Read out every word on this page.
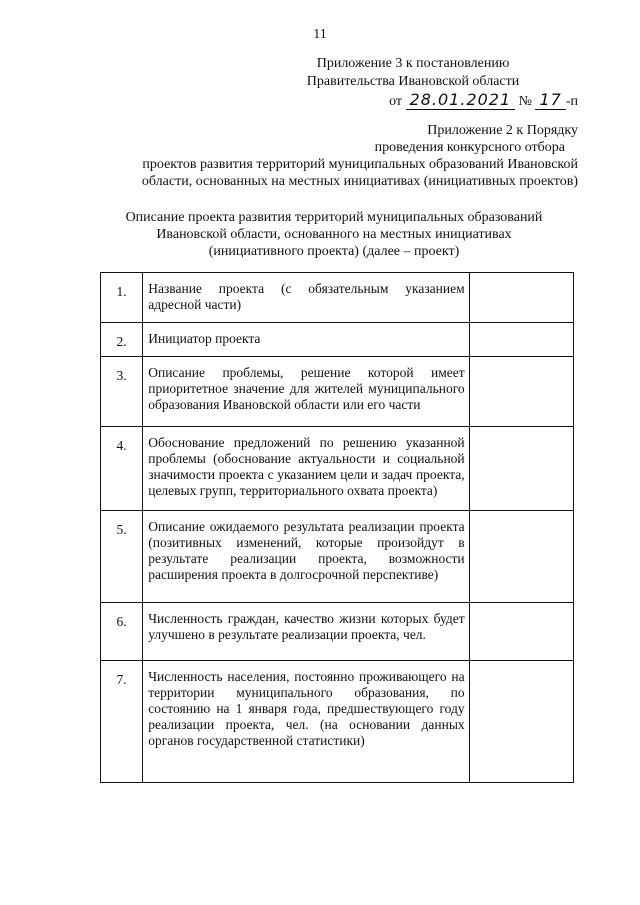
11
Приложение 3 к постановлению
Правительства Ивановской области
от 28.01.2021 № 17 -п
Приложение 2 к Порядку
проведения конкурсного отбора
проектов развития территорий муниципальных образований Ивановской
области, основанных на местных инициативах (инициативных проектов)
Описание проекта развития территорий муниципальных образований
Ивановской области, основанного на местных инициативах
(инициативного проекта) (далее – проект)
1.	Название проекта (с обязательным указанием адресной части)	
2.	Инициатор проекта	
3.	Описание проблемы, решение которой имеет приоритетное значение для жителей муниципального образования Ивановской области или его части	
4.	Обоснование предложений по решению указанной проблемы (обоснование актуальности и социальной значимости проекта с указанием цели и задач проекта, целевых групп, территориального охвата проекта)	
5.	Описание ожидаемого результата реализации проекта (позитивных изменений, которые произойдут в результате реализации проекта, возможности расширения проекта в долгосрочной перспективе)	
6.	Численность граждан, качество жизни которых будет улучшено в результате реализации проекта, чел.	
7.	Численность населения, постоянно проживающего на территории муниципального образования, по состоянию на 1 января года, предшествующего году реализации проекта, чел. (на основании данных органов государственной статистики)	
